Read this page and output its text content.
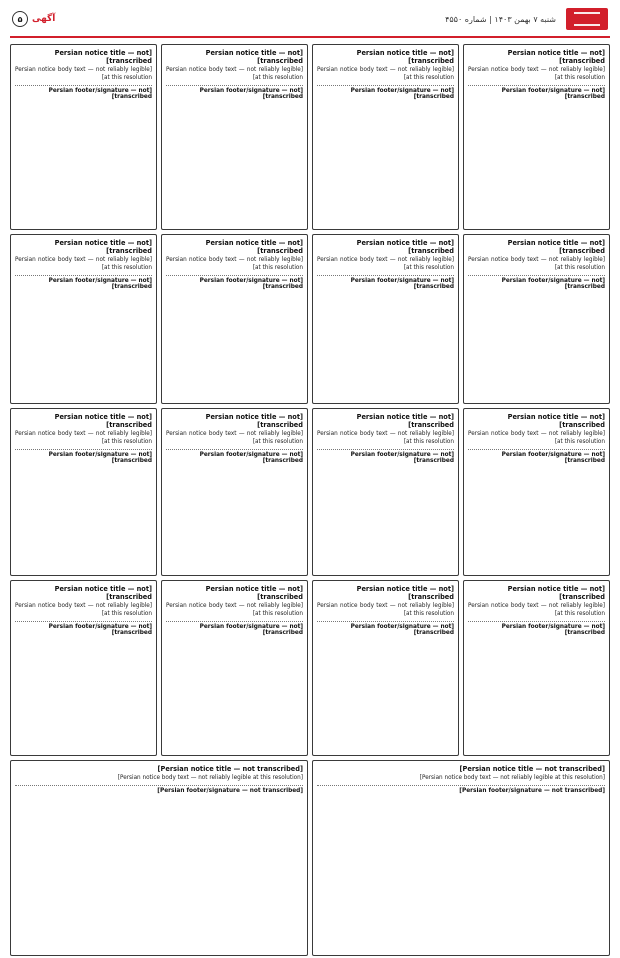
شنبه ۷ بهمن ۱۴۰۳ | شماره ۴۵۵۰
آگهی
۵
[Persian notice title — not transcribed]
[Persian notice body text — not reliably legible at this resolution]
[Persian footer/signature — not transcribed]
[Persian notice title — not transcribed]
[Persian notice body text — not reliably legible at this resolution]
[Persian footer/signature — not transcribed]
[Persian notice title — not transcribed]
[Persian notice body text — not reliably legible at this resolution]
[Persian footer/signature — not transcribed]
[Persian notice title — not transcribed]
[Persian notice body text — not reliably legible at this resolution]
[Persian footer/signature — not transcribed]
[Persian notice title — not transcribed]
[Persian notice body text — not reliably legible at this resolution]
[Persian footer/signature — not transcribed]
[Persian notice title — not transcribed]
[Persian notice body text — not reliably legible at this resolution]
[Persian footer/signature — not transcribed]
[Persian notice title — not transcribed]
[Persian notice body text — not reliably legible at this resolution]
[Persian footer/signature — not transcribed]
[Persian notice title — not transcribed]
[Persian notice body text — not reliably legible at this resolution]
[Persian footer/signature — not transcribed]
[Persian notice title — not transcribed]
[Persian notice body text — not reliably legible at this resolution]
[Persian footer/signature — not transcribed]
[Persian notice title — not transcribed]
[Persian notice body text — not reliably legible at this resolution]
[Persian footer/signature — not transcribed]
[Persian notice title — not transcribed]
[Persian notice body text — not reliably legible at this resolution]
[Persian footer/signature — not transcribed]
[Persian notice title — not transcribed]
[Persian notice body text — not reliably legible at this resolution]
[Persian footer/signature — not transcribed]
[Persian notice title — not transcribed]
[Persian notice body text — not reliably legible at this resolution]
[Persian footer/signature — not transcribed]
[Persian notice title — not transcribed]
[Persian notice body text — not reliably legible at this resolution]
[Persian footer/signature — not transcribed]
[Persian notice title — not transcribed]
[Persian notice body text — not reliably legible at this resolution]
[Persian footer/signature — not transcribed]
[Persian notice title — not transcribed]
[Persian notice body text — not reliably legible at this resolution]
[Persian footer/signature — not transcribed]
[Persian notice title — not transcribed]
[Persian notice body text — not reliably legible at this resolution]
[Persian footer/signature — not transcribed]
[Persian notice title — not transcribed]
[Persian notice body text — not reliably legible at this resolution]
[Persian footer/signature — not transcribed]
